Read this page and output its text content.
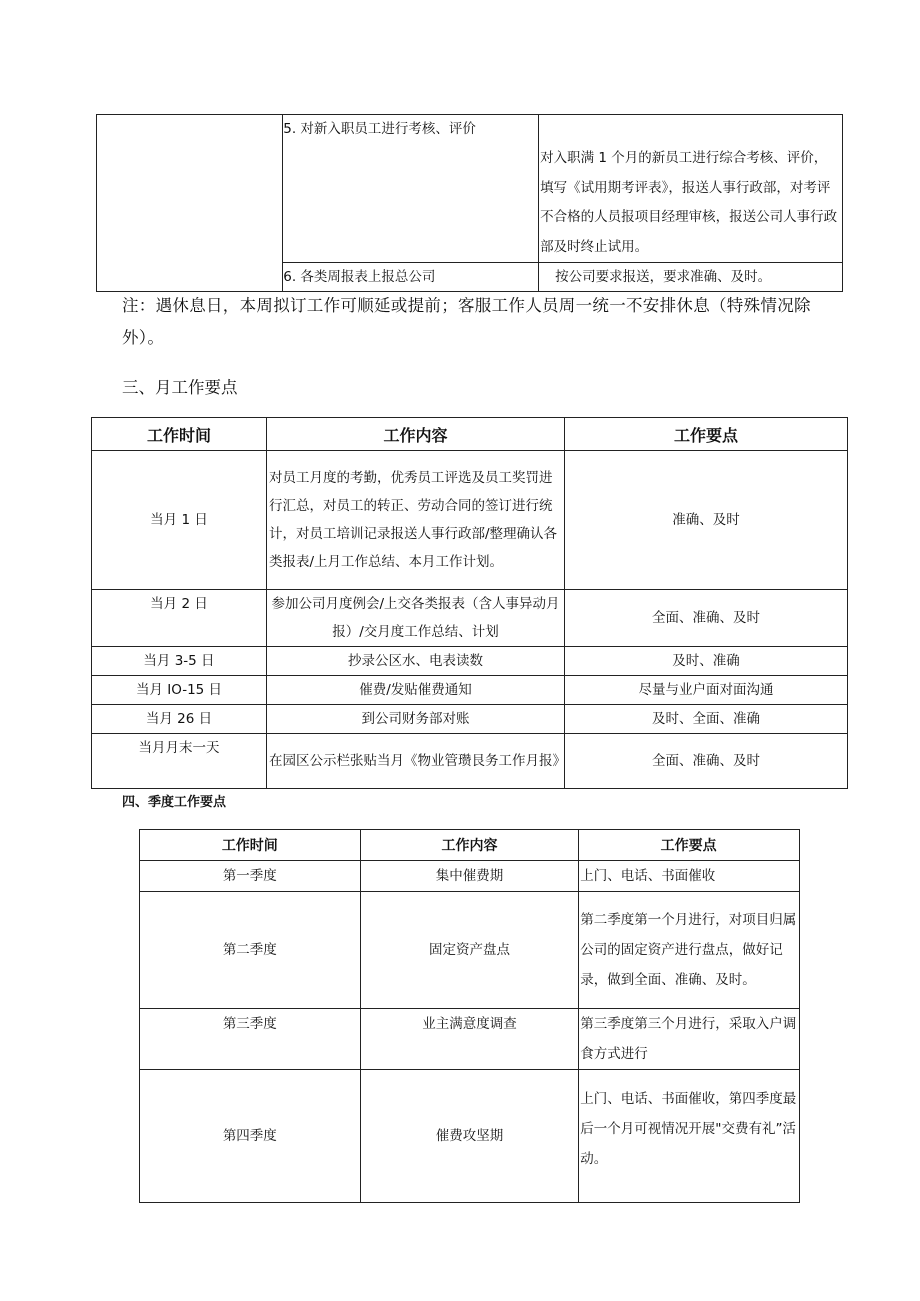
	5. 对新入职员工进行考核、评价	对入职满 1 个月的新员工进行综合考核、评价，填写《试用期考评表》，报送人事行政部，对考评不合格的人员报项目经理审核，报送公司人事行政部及时终止试用。
	6. 各类周报表上报总公司	按公司要求报送，要求准确、及时。
注：遇休息日，本周拟订工作可顺延或提前；客服工作人员周一统一不安排休息（特殊情况除外）。
三、月工作要点
工作时间	工作内容	工作要点
当月 1 日	对员工月度的考勤，优秀员工评选及员工奖罚进行汇总，对员工的转正、劳动合同的签订进行统计，对员工培训记录报送人事行政部/整理确认各类报表/上月工作总结、本月工作计划。	准确、及时
当月 2 日	参加公司月度例会/上交各类报表（含人事异动月报）/交月度工作总结、计划	全面、准确、及时
当月 3-5 日	抄录公区水、电表读数	及时、准确
当月 IO-15 日	催费/发贴催费通知	尽量与业户面对面沟通
当月 26 日	到公司财务部对账	及时、全面、准确
当月月末一天	在园区公示栏张贴当月《物业管瓒艮务工作月报》	全面、准确、及时
四、季度工作要点
工作时间	工作内容	工作要点
第一季度	集中催费期	上门、电话、书面催收
第二季度	固定资产盘点	第二季度第一个月进行，对项目归属公司的固定资产进行盘点，做好记录，做到全面、准确、及时。
第三季度	业主满意度调查	第三季度第三个月进行，采取入户调食方式进行
第四季度	催费攻坚期	上门、电话、书面催收，第四季度最后一个月可视情况开展"交费有礼”活动。
